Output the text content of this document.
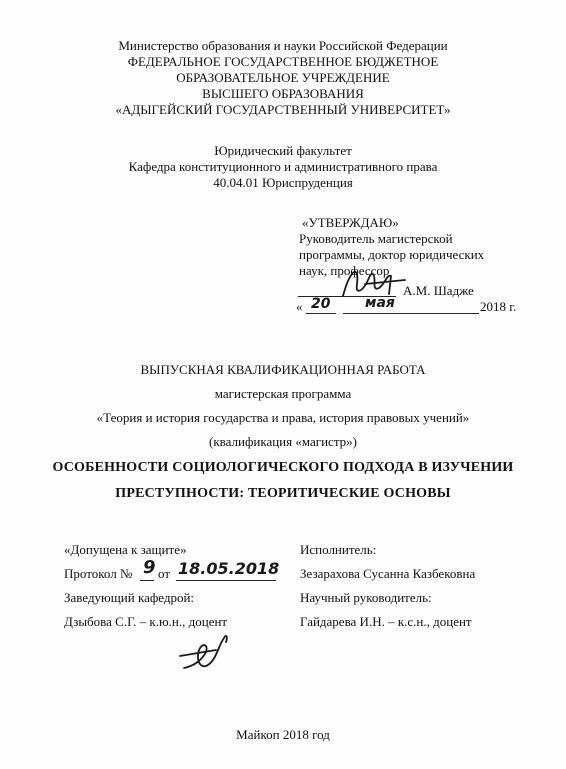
Министерство образования и науки Российской Федерации
ФЕДЕРАЛЬНОЕ ГОСУДАРСТВЕННОЕ БЮДЖЕТНОЕ
ОБРАЗОВАТЕЛЬНОЕ УЧРЕЖДЕНИЕ
ВЫСШЕГО ОБРАЗОВАНИЯ
«АДЫГЕЙСКИЙ ГОСУДАРСТВЕННЫЙ УНИВЕРСИТЕТ»
Юридический факультет
Кафедра конституционного и административного права
40.04.01 Юриспруденция
«УТВЕРЖДАЮ»
Руководитель магистерской
программы, доктор юридических
наук, профессор
А.М. Шадже
« 20 мая	2018 г.
ВЫПУСКНАЯ КВАЛИФИКАЦИОННАЯ РАБОТА
магистерская программа
«Теория и история государства и права, история правовых учений»
(квалификация «магистр»)
ОСОБЕННОСТИ СОЦИОЛОГИЧЕСКОГО ПОДХОДА В ИЗУЧЕНИИ
ПРЕСТУПНОСТИ: ТЕОРИТИЧЕСКИЕ ОСНОВЫ
«Допущена к защите»
Протокол № 9 от 18.05.2018
Заведующий кафедрой:
Дзыбова С.Г. – к.ю.н., доцент
Исполнитель:
Зезарахова Сусанна Казбековна
Научный руководитель:
Гайдарева И.Н. – к.с.н., доцент
Майкоп 2018 год
